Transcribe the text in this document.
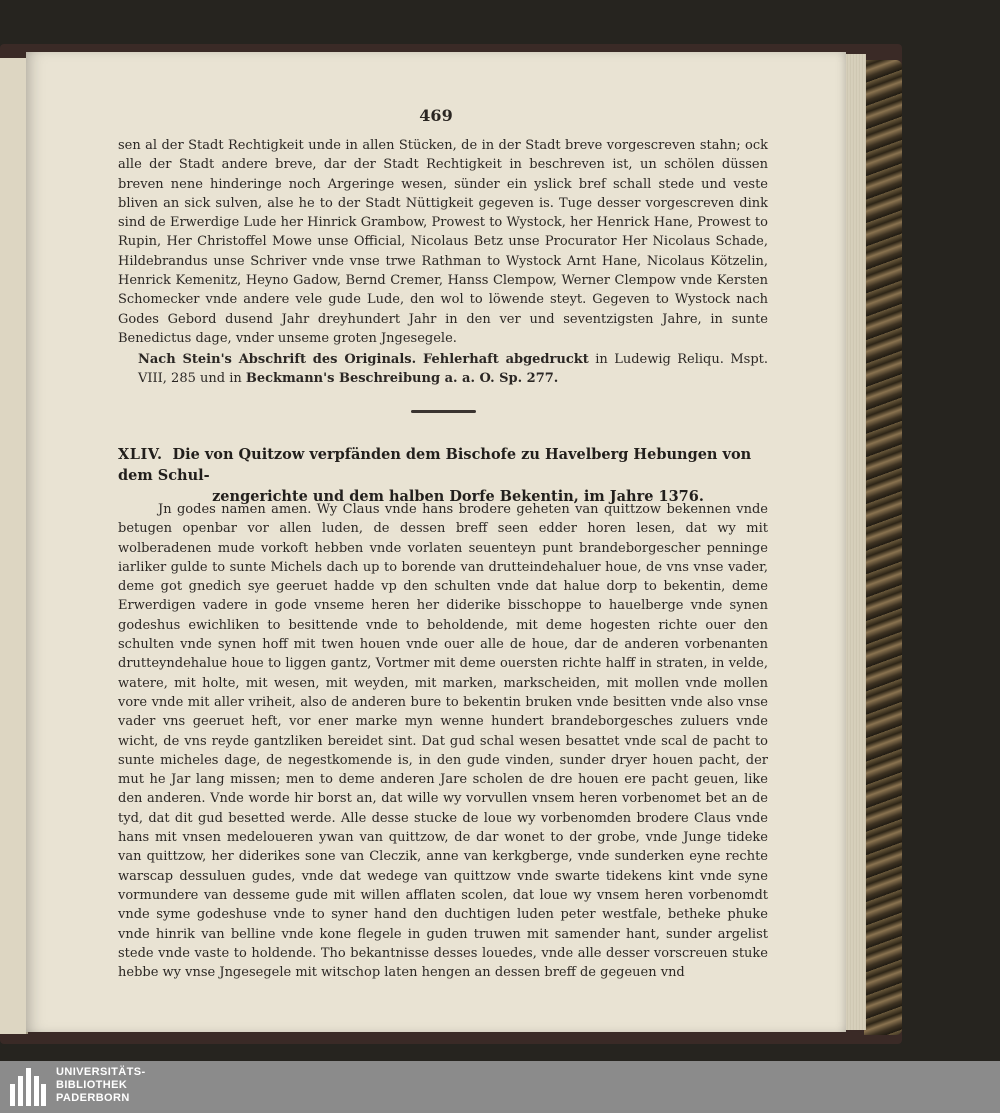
469

sen al der Stadt Rechtigkeit unde in allen Stücken, de in der Stadt breve vorgescreven stahn; ock alle der Stadt andere breve, dar der Stadt Rechtigkeit in beschreven ist, un schölen düssen breven nene hinderinge noch Argeringe wesen, sünder ein yslick bref schall stede und veste bliven an sick sulven, alse he to der Stadt Nüttigkeit gegeven is. Tuge desser vorgescreven dink sind de Erwerdige Lude her Hinrick Grambow, Prowest to Wystock, her Henrick Hane, Prowest to Rupin, Her Christoffel Mowe unse Official, Nicolaus Betz unse Procurator Her Nicolaus Schade, Hildebrandus unse Schriver vnde vnse trwe Rathman to Wystock Arnt Hane, Nicolaus Kötzelin, Henrick Kemenitz, Heyno Gadow, Bernd Cremer, Hanss Clempow, Werner Clempow vnde Kersten Schomecker vnde andere vele gude Lude, den wol to löwende steyt. Gegeven to Wystock nach Godes Gebord dusend Jahr dreyhundert Jahr in den ver und seventzigsten Jahre, in sunte Benedictus dage, vnder unseme groten Jngesegele.

Nach Stein's Abschrift des Originals. Fehlerhaft abgedruckt in Ludewig Reliqu. Mspt. VIII, 285 und in Beckmann's Beschreibung a. a. O. Sp. 277.
XLIV. Die von Quitzow verpfänden dem Bischofe zu Havelberg Hebungen von dem Schul-
zengerichte und dem halben Dorfe Bekentin, im Jahre 1376.

Jn godes namen amen. Wy Claus vnde hans brodere geheten van quittzow bekennen vnde betugen openbar vor allen luden, de dessen breff seen edder horen lesen, dat wy mit wolberadenen mude vorkoft hebben vnde vorlaten seuenteyn punt brandeborgescher penninge iarliker gulde to sunte Michels dach up to borende van drutteindehaluer houe, de vns vnse vader, deme got gnedich sye geeruet hadde vp den schulten vnde dat halue dorp to bekentin, deme Erwerdigen vadere in gode vnseme heren her diderike bisschoppe to hauelberge vnde synen godeshus ewichliken to besittende vnde to beholdende, mit deme hogesten richte ouer den schulten vnde synen hoff mit twen houen vnde ouer alle de houe, dar de anderen vorbenanten drutteyndehalue houe to liggen gantz, Vortmer mit deme ouersten richte halff in straten, in velde, watere, mit holte, mit wesen, mit weyden, mit marken, markscheiden, mit mollen vnde mollen vore vnde mit aller vriheit, also de anderen bure to bekentin bruken vnde besitten vnde also vnse vader vns geeruet heft, vor ener marke myn wenne hundert brandeborgesches zuluers vnde wicht, de vns reyde gantzliken bereidet sint. Dat gud schal wesen besattet vnde scal de pacht to sunte micheles dage, de negestkomende is, in den gude vinden, sunder dryer houen pacht, der mut he Jar lang missen; men to deme anderen Jare scholen de dre houen ere pacht geuen, like den anderen. Vnde worde hir borst an, dat wille wy vorvullen vnsem heren vorbenomet bet an de tyd, dat dit gud besetted werde. Alle desse stucke de loue wy vorbenomden brodere Claus vnde hans mit vnsen medeloueren ywan van quittzow, de dar wonet to der grobe, vnde Junge tideke van quittzow, her diderikes sone van Cleczik, anne van kerkgberge, vnde sunderken eyne rechte warscap dessuluen gudes, vnde dat wedege van quittzow vnde swarte tidekens kint vnde syne vormundere van desseme gude mit willen afflaten scolen, dat loue wy vnsem heren vorbenomdt vnde syme godeshuse vnde to syner hand den duchtigen luden peter westfale, betheke phuke vnde hinrik van belline vnde kone flegele in guden truwen mit samender hant, sunder argelist stede vnde vaste to holdende. Tho bekantnisse desses louedes, vnde alle desser vorscreuen stuke hebbe wy vnse Jngesegele mit witschop laten hengen an dessen breff de gegeuen vnd

UNIVERSITÄTS-
BIBLIOTHEK
PADERBORN
